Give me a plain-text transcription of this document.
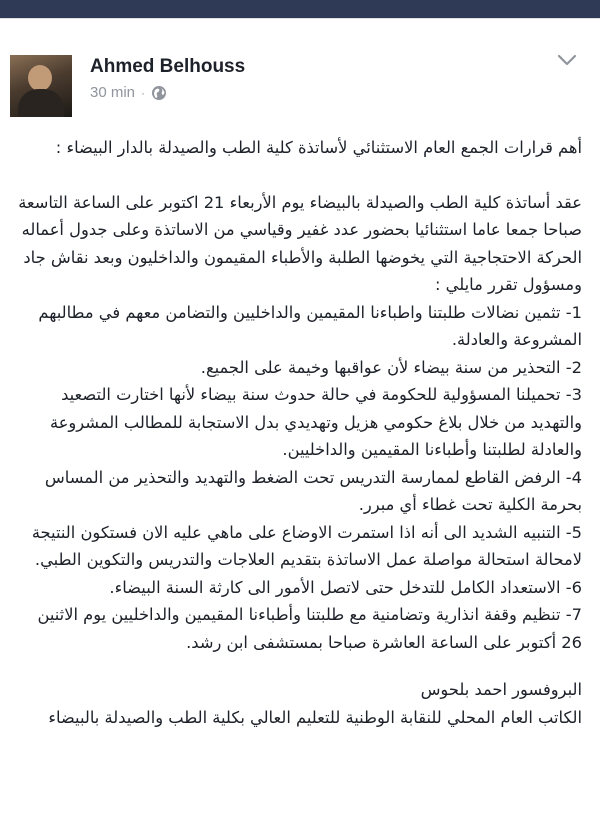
Ahmed Belhouss
30 min ·

أهم قرارات الجمع العام الاستثنائي لأساتذة كلية الطب والصيدلة بالدار البيضاء :

عقد أساتذة كلية الطب والصيدلة بالبيضاء يوم الأربعاء 21 اكتوبر على الساعة التاسعة صباحا جمعا عاما استثنائيا بحضور عدد غفير وقياسي من الاساتذة وعلى جدول أعماله الحركة الاحتجاجية التي يخوضها الطلبة والأطباء المقيمون والداخليون وبعد نقاش جاد ومسؤول تقرر مايلي :

1- تثمين نضالات طلبتنا واطباءنا المقيمين والداخليين والتضامن معهم في مطالبهم المشروعة والعادلة.

2- التحذير من سنة بيضاء لأن عواقبها وخيمة على الجميع.

3- تحميلنا المسؤولية للحكومة في حالة حدوث سنة بيضاء لأنها اختارت التصعيد والتهديد من خلال بلاغ حكومي هزيل وتهديدي بدل الاستجابة للمطالب المشروعة والعادلة لطلبتنا وأطباءنا المقيمين والداخليين.

4- الرفض القاطع لممارسة التدريس تحت الضغط والتهديد والتحذير من المساس بحرمة الكلية تحت غطاء أي مبرر.

5- التنبيه الشديد الى أنه اذا استمرت الاوضاع على ماهي عليه الان فستكون النتيجة لامحالة استحالة مواصلة عمل الاساتذة بتقديم العلاجات والتدريس والتكوين الطبي.

6- الاستعداد الكامل للتدخل حتى لاتصل الأمور الى كارثة السنة البيضاء.

7- تنظيم وقفة انذارية وتضامنية مع طلبتنا وأطباءنا المقيمين والداخليين يوم الاثنين 26 أكتوبر على الساعة العاشرة صباحا بمستشفى ابن رشد.

البروفسور احمد بلحوس

الكاتب العام المحلي للنقابة الوطنية للتعليم العالي بكلية الطب والصيدلة بالبيضاء
